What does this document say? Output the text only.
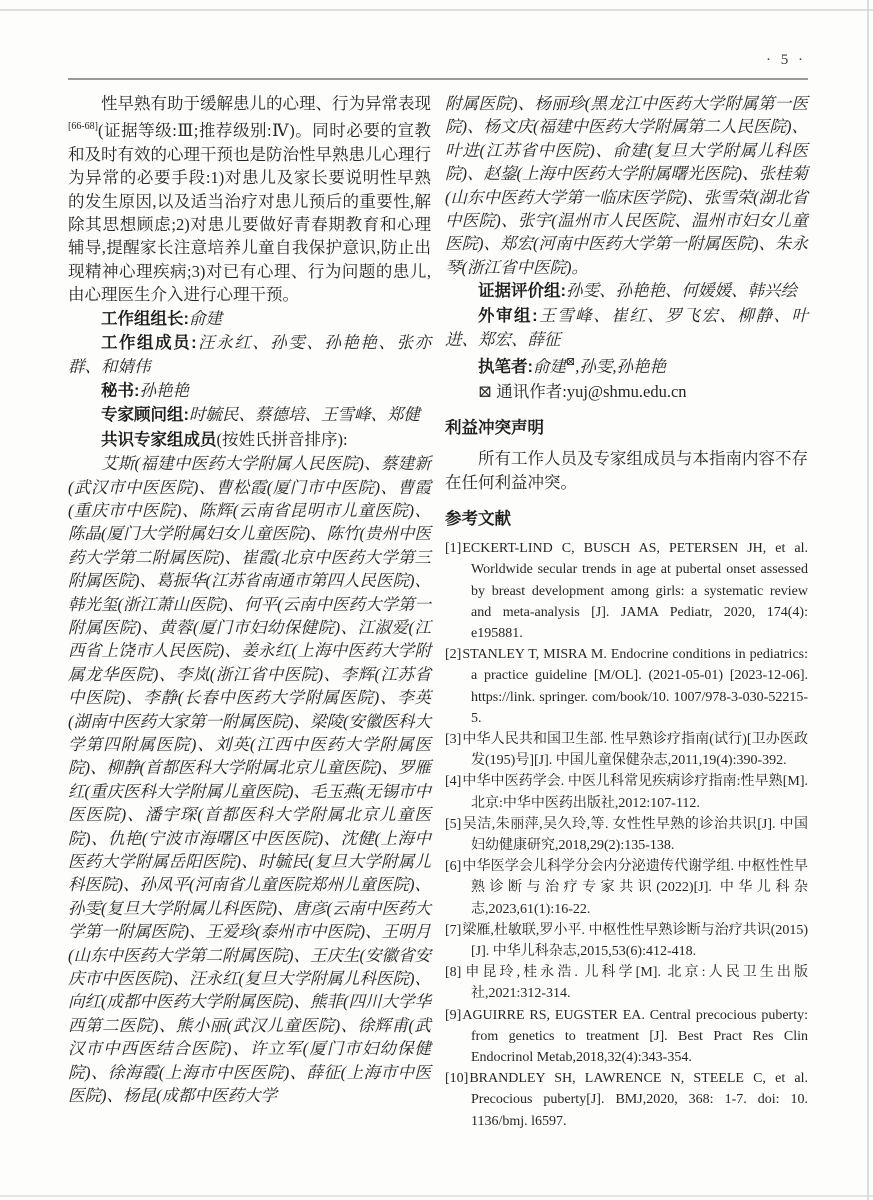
· 5 ·

性早熟有助于缓解患儿的心理、行为异常表现[66-68](证据等级:Ⅲ;推荐级别:Ⅳ)。同时必要的宣教和及时有效的心理干预也是防治性早熟患儿心理行为异常的必要手段:1)对患儿及家长要说明性早熟的发生原因,以及适当治疗对患儿预后的重要性,解除其思想顾虑;2)对患儿要做好青春期教育和心理辅导,提醒家长注意培养儿童自我保护意识,防止出现精神心理疾病;3)对已有心理、行为问题的患儿,由心理医生介入进行心理干预。

工作组组长:俞建

工作组成员:汪永红、孙雯、孙艳艳、张亦群、和婧伟

秘书:孙艳艳

专家顾问组:时毓民、蔡德培、王雪峰、郑健

共识专家组成员(按姓氏拼音排序):

艾斯(福建中医药大学附属人民医院)、蔡建新(武汉市中医医院)、曹松霞(厦门市中医院)、曹霞(重庆市中医院)、陈辉(云南省昆明市儿童医院)、陈晶(厦门大学附属妇女儿童医院)、陈竹(贵州中医药大学第二附属医院)、崔霞(北京中医药大学第三附属医院)、葛振华(江苏省南通市第四人民医院)、韩光玺(浙江萧山医院)、何平(云南中医药大学第一附属医院)、黄蓉(厦门市妇幼保健院)、江淑爱(江西省上饶市人民医院)、姜永红(上海中医药大学附属龙华医院)、李岚(浙江省中医院)、李辉(江苏省中医院)、李静(长春中医药大学附属医院)、李英(湖南中医药大家第一附属医院)、梁陵(安徽医科大学第四附属医院)、刘英(江西中医药大学附属医院)、柳静(首都医科大学附属北京儿童医院)、罗雁红(重庆医科大学附属儿童医院)、毛玉燕(无锡市中医医院)、潘宇琛(首都医科大学附属北京儿童医院)、仇艳(宁波市海曙区中医医院)、沈健(上海中医药大学附属岳阳医院)、时毓民(复旦大学附属儿科医院)、孙凤平(河南省儿童医院郑州儿童医院)、孙雯(复旦大学附属儿科医院)、唐彦(云南中医药大学第一附属医院)、王爱珍(泰州市中医院)、王明月(山东中医药大学第二附属医院)、王庆生(安徽省安庆市中医医院)、汪永红(复旦大学附属儿科医院)、向红(成都中医药大学附属医院)、熊菲(四川大学华西第二医院)、熊小丽(武汉儿童医院)、徐辉甫(武汉市中西医结合医院)、许立军(厦门市妇幼保健院)、徐海霞(上海市中医医院)、薛征(上海市中医医院)、杨昆(成都中医药大学

附属医院)、杨丽珍(黑龙江中医药大学附属第一医院)、杨文庆(福建中医药大学附属第二人民医院)、叶进(江苏省中医院)、俞建(复旦大学附属儿科医院)、赵鋆(上海中医药大学附属曙光医院)、张桂菊(山东中医药大学第一临床医学院)、张雪荣(湖北省中医院)、张宇(温州市人民医院、温州市妇女儿童医院)、郑宏(河南中医药大学第一附属医院)、朱永琴(浙江省中医院)。

证据评价组:孙雯、孙艳艳、何媛媛、韩兴绘

外审组:王雪峰、崔红、罗飞宏、柳静、叶进、郑宏、薛征

执笔者:俞建⊠,孙雯,孙艳艳

⊠ 通讯作者:yuj@shmu.edu.cn

利益冲突声明

所有工作人员及专家组成员与本指南内容不存在任何利益冲突。

参考文献

[1]ECKERT-LIND C, BUSCH AS, PETERSEN JH, et al. Worldwide secular trends in age at pubertal onset assessed by breast development among girls: a systematic review and meta-analysis [J]. JAMA Pediatr, 2020, 174(4): e195881.

[2]STANLEY T, MISRA M. Endocrine conditions in pediatrics: a practice guideline [M/OL]. (2021-05-01) [2023-12-06]. https://link. springer. com/book/10. 1007/978-3-030-52215-5.

[3]中华人民共和国卫生部. 性早熟诊疗指南(试行)[卫办医政发(195)号][J]. 中国儿童保健杂志,2011,19(4):390-392.

[4]中华中医药学会. 中医儿科常见疾病诊疗指南:性早熟[M]. 北京:中华中医药出版社,2012:107-112.

[5]吴洁,朱丽萍,吴久玲,等. 女性性早熟的诊治共识[J]. 中国妇幼健康研究,2018,29(2):135-138.

[6]中华医学会儿科学分会内分泌遗传代谢学组. 中枢性性早熟诊断与治疗专家共识(2022)[J]. 中华儿科杂志,2023,61(1):16-22.

[7]梁雁,杜敏联,罗小平. 中枢性性早熟诊断与治疗共识(2015)[J]. 中华儿科杂志,2015,53(6):412-418.

[8]申昆玲,桂永浩. 儿科学[M]. 北京:人民卫生出版社,2021:312-314.

[9]AGUIRRE RS, EUGSTER EA. Central precocious puberty: from genetics to treatment [J]. Best Pract Res Clin Endocrinol Metab,2018,32(4):343-354.

[10]BRANDLEY SH, LAWRENCE N, STEELE C, et al. Precocious puberty[J]. BMJ,2020, 368: 1-7. doi: 10. 1136/bmj. l6597.
